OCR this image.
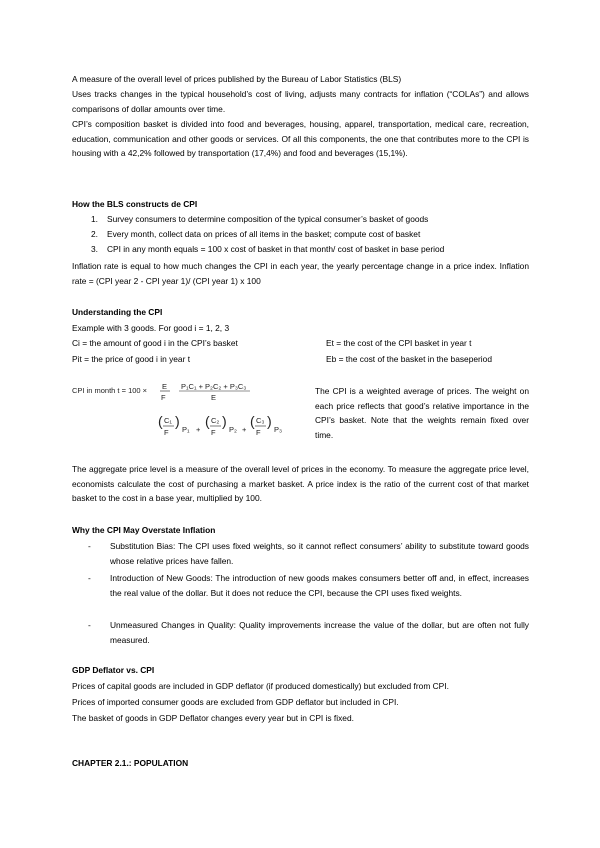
A measure of the overall level of prices published by the Bureau of Labor Statistics (BLS)
Uses tracks changes in the typical household’s cost of living, adjusts many contracts for inflation (“COLAs”) and allows comparisons of dollar amounts over time.
CPI’s composition basket is divided into food and beverages, housing, apparel, transportation, medical care, recreation, education, communication and other goods or services. Of all this components, the one that contributes more to the CPI is housing with a 42,2% followed by transportation (17,4%) and food and beverages (15,1%).
How the BLS constructs de CPI
1. Survey consumers to determine composition of the typical consumer’s basket of goods
2. Every month, collect data on prices of all items in the basket; compute cost of basket
3. CPI in any month equals = 100 x cost of basket in that month/ cost of basket in base period
Inflation rate is equal to how much changes the CPI in each year, the yearly percentage change in a price index. Inflation rate = (CPI year 2 - CPI year 1)/ (CPI year 1) x 100
Understanding the CPI
Example with 3 goods. For good i = 1, 2, 3
Ci = the amount of good i in the CPI’s basket
Pit = the price of good i in year t
Et = the cost of the CPI basket in year t
Eb = the cost of the basket in the baseperiod
CPI in month t = 100 × E
F
P₁C₁ + P₂C₂ + P₃C₃
E
( C₁
F
)
P₁ +
( C₂
F
)
P₂ +
( C₃
F
)
P₃
The CPI is a weighted average of prices. The weight on each price reflects that good’s relative importance in the CPI’s basket. Note that the weights remain fixed over time.
The aggregate price level is a measure of the overall level of prices in the economy. To measure the aggregate price level, economists calculate the cost of purchasing a market basket. A price index is the ratio of the current cost of that market basket to the cost in a base year, multiplied by 100.
Why the CPI May Overstate Inflation
- Substitution Bias: The CPI uses fixed weights, so it cannot reflect consumers’ ability to substitute toward goods whose relative prices have fallen.
- Introduction of New Goods: The introduction of new goods makes consumers better off and, in effect, increases the real value of the dollar. But it does not reduce the CPI, because the CPI uses fixed weights.
- Unmeasured Changes in Quality: Quality improvements increase the value of the dollar, but are often not fully measured.
GDP Deflator vs. CPI
Prices of capital goods are included in GDP deflator (if produced domestically) but excluded from CPI.
Prices of imported consumer goods are excluded from GDP deflator but included in CPI.
The basket of goods in GDP Deflator changes every year but in CPI is fixed.
CHAPTER 2.1.: POPULATION
